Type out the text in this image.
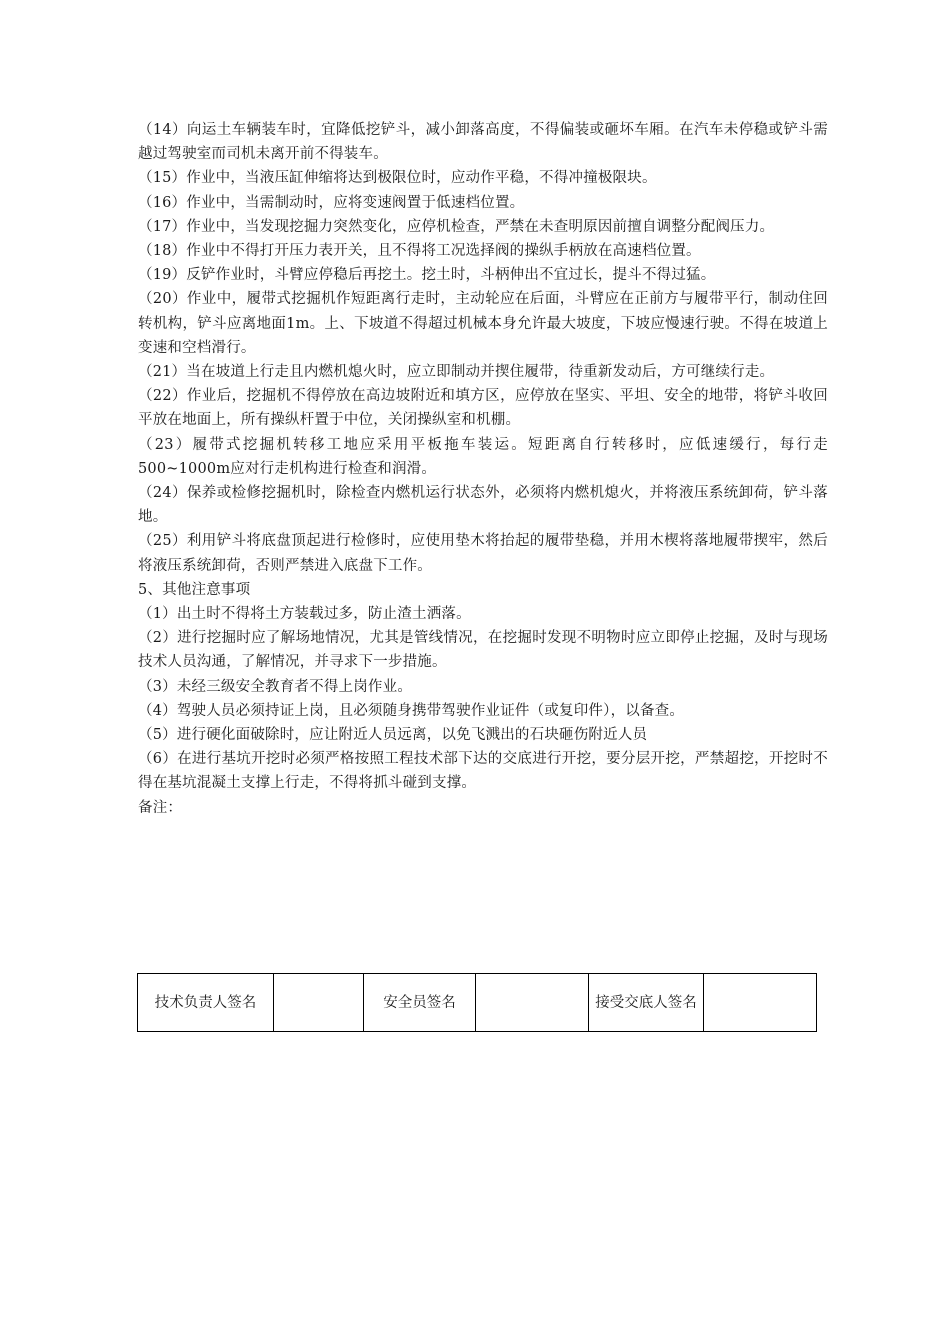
（14）向运土车辆装车时，宜降低挖铲斗，减小卸落高度，不得偏装或砸坏车厢。在汽车未停稳或铲斗需越过驾驶室而司机未离开前不得装车。

（15）作业中，当液压缸伸缩将达到极限位时，应动作平稳，不得冲撞极限块。

（16）作业中，当需制动时，应将变速阀置于低速档位置。

（17）作业中，当发现挖掘力突然变化，应停机检查，严禁在未查明原因前擅自调整分配阀压力。

（18）作业中不得打开压力表开关，且不得将工况选择阀的操纵手柄放在高速档位置。

（19）反铲作业时，斗臂应停稳后再挖土。挖土时，斗柄伸出不宜过长，提斗不得过猛。

（20）作业中，履带式挖掘机作短距离行走时，主动轮应在后面，斗臂应在正前方与履带平行，制动住回转机构，铲斗应离地面1m。上、下坡道不得超过机械本身允许最大坡度，下坡应慢速行驶。不得在坡道上变速和空档滑行。

（21）当在坡道上行走且内燃机熄火时，应立即制动并揳住履带，待重新发动后，方可继续行走。

（22）作业后，挖掘机不得停放在高边坡附近和填方区，应停放在坚实、平坦、安全的地带，将铲斗收回平放在地面上，所有操纵杆置于中位，关闭操纵室和机棚。

（23）履带式挖掘机转移工地应采用平板拖车装运。短距离自行转移时，应低速缓行，每行走500~1000m应对行走机构进行检查和润滑。

（24）保养或检修挖掘机时，除检查内燃机运行状态外，必须将内燃机熄火，并将液压系统卸荷，铲斗落地。

（25）利用铲斗将底盘顶起进行检修时，应使用垫木将抬起的履带垫稳，并用木楔将落地履带揳牢，然后将液压系统卸荷，否则严禁进入底盘下工作。

5、其他注意事项

（1）出土时不得将土方装载过多，防止渣土洒落。

（2）进行挖掘时应了解场地情况，尤其是管线情况，在挖掘时发现不明物时应立即停止挖掘，及时与现场技术人员沟通，了解情况，并寻求下一步措施。

（3）未经三级安全教育者不得上岗作业。

（4）驾驶人员必须持证上岗，且必须随身携带驾驶作业证件（或复印件），以备查。

（5）进行硬化面破除时，应让附近人员远离，以免飞溅出的石块砸伤附近人员

（6）在进行基坑开挖时必须严格按照工程技术部下达的交底进行开挖，要分层开挖，严禁超挖，开挖时不得在基坑混凝土支撑上行走，不得将抓斗碰到支撑。

备注：

技术负责人签名		安全员签名		接受交底人签名	
